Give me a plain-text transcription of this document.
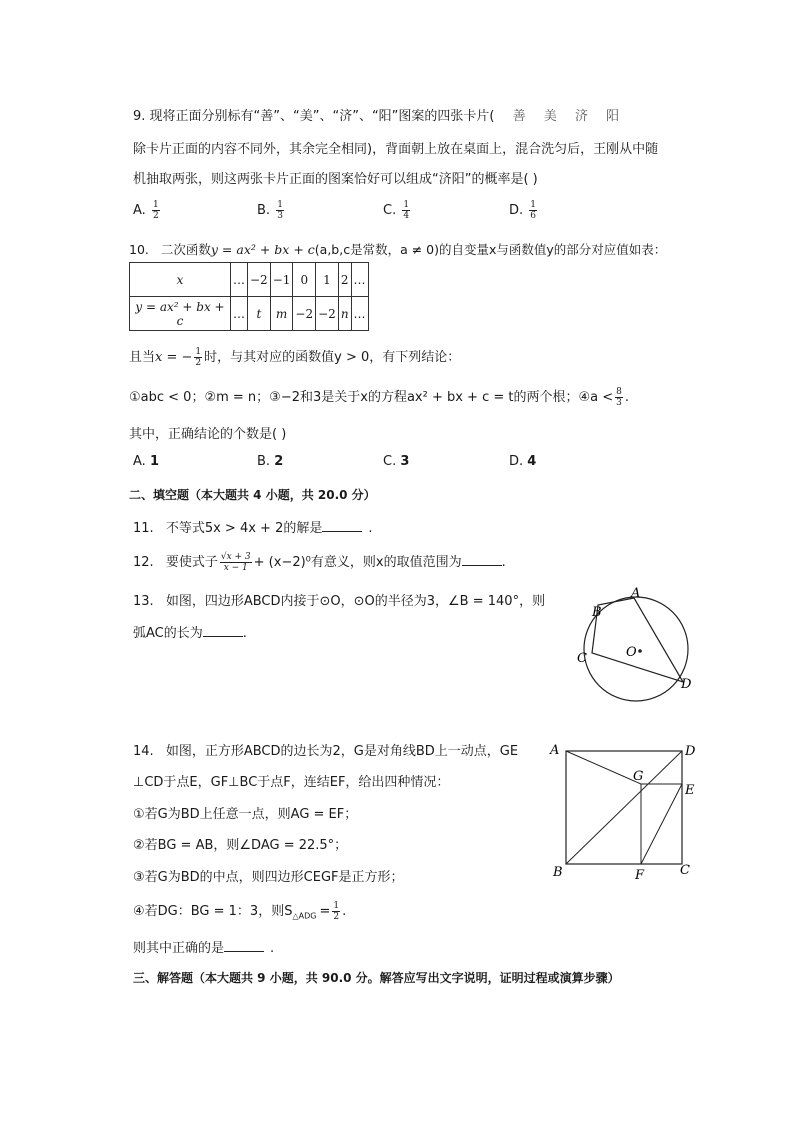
9. 现将正面分别标有“善”、“美”、“济”、“阳”图案的四张卡片( 善 美 济 阳
除卡片正面的内容不同外，其余完全相同)，背面朝上放在桌面上，混合洗匀后，王刚从中随
机抽取两张，则这两张卡片正面的图案恰好可以组成“济阳”的概率是( )
A. $\frac{1}{2}$	B. $\frac{1}{3}$	C. $\frac{1}{4}$	D. $\frac{1}{6}$
10. 二次函数y = ax² + bx + c(a,b,c是常数，a ≠ 0)的自变量x与函数值y的部分对应值如表：
x	…	−2	−1	0	1	2	…
y = ax² + bx + c	…	t	m	−2	−2	n	…
且当x = − $\frac{1}{2}$ 时，与其对应的函数值y > 0，有下列结论：
①abc < 0；②m = n；③−2和3是关于x的方程ax² + bx + c = t的两个根；④a < $\frac{8}{3}$ .
其中，正确结论的个数是( )
A. 1	B. 2	C. 3	D. 4
二、填空题（本大题共 4 小题，共 20.0 分）
11. 不等式5x > 4x + 2的解是	.
12. 要使式子 $\frac{√x + 3}{x - 1} + (x-2)^0$有意义，则x的取值范围为	.
13. 如图，四边形ABCD内接于⊙O，⊙O的半径为3，∠B = 140°，则
弧AC的长为	.
A
B
C
D
O
14. 如图，正方形ABCD的边长为2，G是对角线BD上一动点，GE
⊥CD于点E，GF⊥BC于点F，连结EF，给出四种情况：
①若G为BD上任意一点，则AG = EF；
②若BG = AB，则∠DAG = 22.5°；
③若G为BD的中点，则四边形CEGF是正方形；
④若DG：BG = 1：3，则$S_{\triangle ADG} = \frac{1}{2}$ .
则其中正确的是	.
A	D
G
E
B	F	C
三、解答题（本大题共 9 小题，共 90.0 分。解答应写出文字说明，证明过程或演算步骤）
